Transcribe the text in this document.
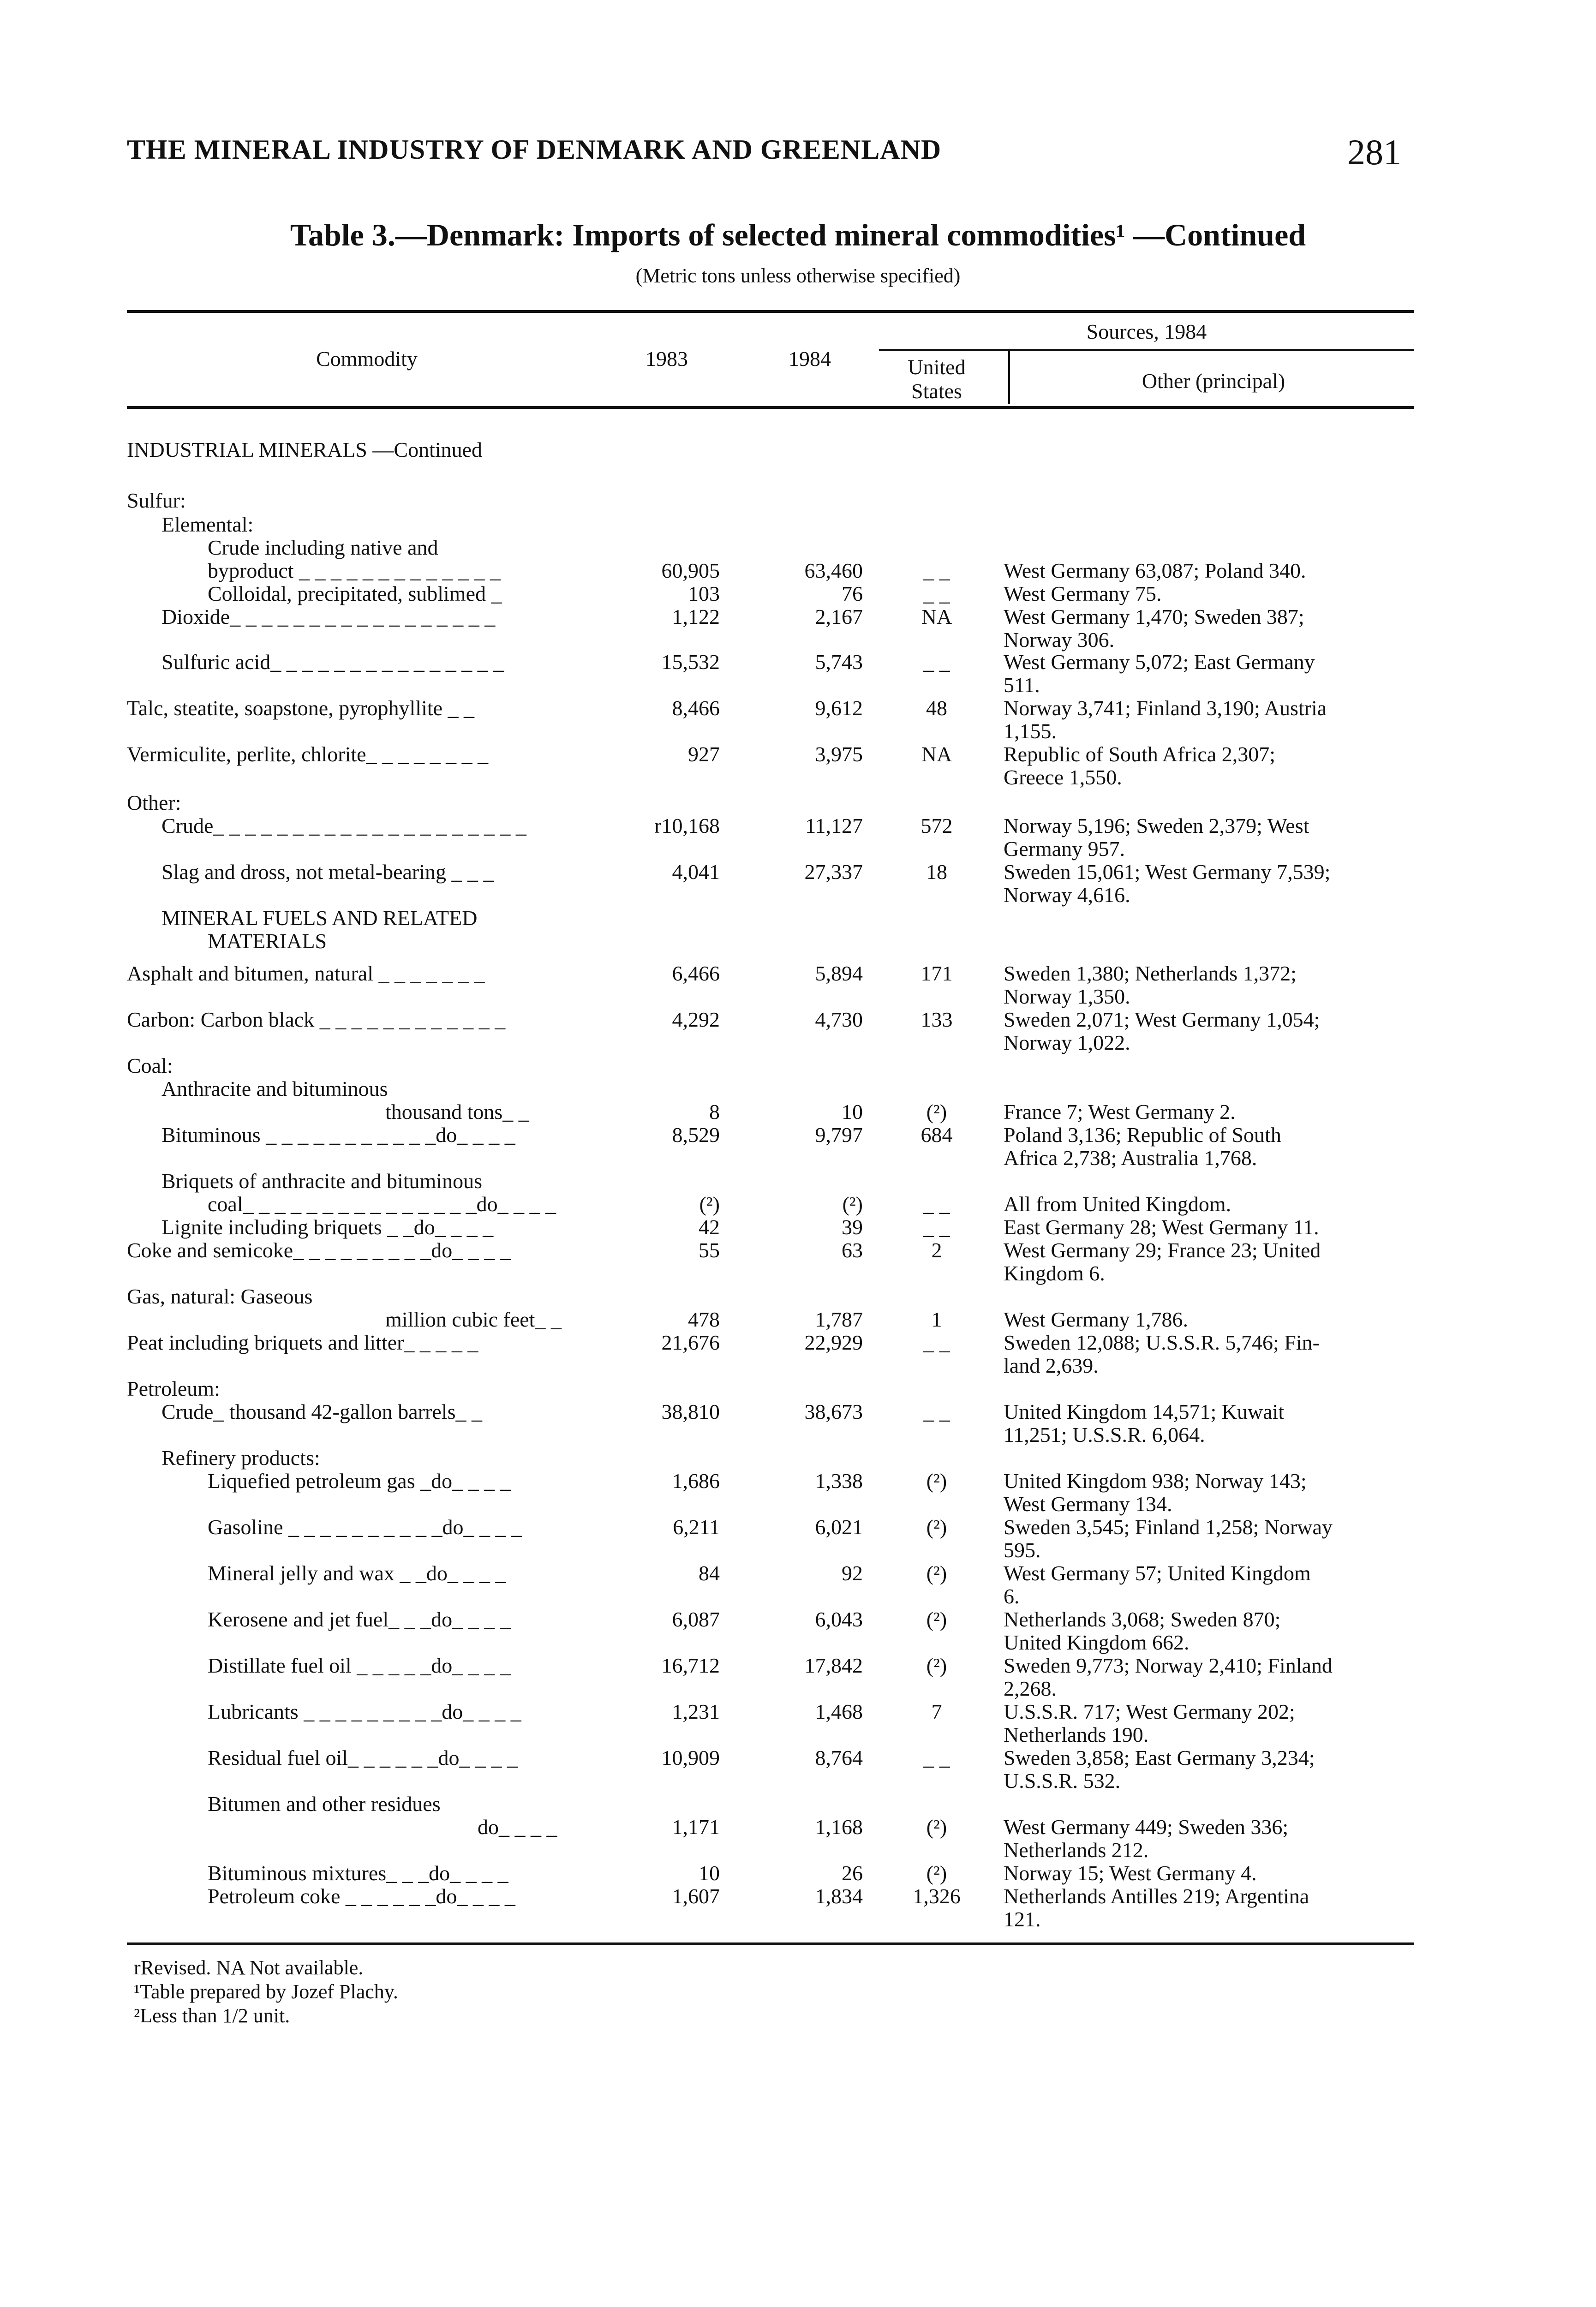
THE MINERAL INDUSTRY OF DENMARK AND GREENLAND	281
Table 3.—Denmark: Imports of selected mineral commodities¹ —Continued
(Metric tons unless otherwise specified)
Commodity	1983	1984
Sources, 1984
United States	Other (principal)
INDUSTRIAL MINERALS —Continued
Sulfur:
Elemental:
Crude including native and
byproduct _ _ _ _ _ _ _ _ _ _ _ _ _	60,905	63,460	_ _	West Germany 63,087; Poland 340.
Colloidal, precipitated, sublimed _	103	76	_ _	West Germany 75.
Dioxide_ _ _ _ _ _ _ _ _ _ _ _ _ _ _ _ _	1,122	2,167	NA	West Germany 1,470; Sweden 387;
Norway 306.
Sulfuric acid_ _ _ _ _ _ _ _ _ _ _ _ _ _ _	15,532	5,743	_ _	West Germany 5,072; East Germany
511.
Talc, steatite, soapstone, pyrophyllite _ _	8,466	9,612	48	Norway 3,741; Finland 3,190; Austria
1,155.
Vermiculite, perlite, chlorite_ _ _ _ _ _ _ _	927	3,975	NA	Republic of South Africa 2,307;
Greece 1,550.
Other:
Crude_ _ _ _ _ _ _ _ _ _ _ _ _ _ _ _ _ _ _ _	r10,168	11,127	572	Norway 5,196; Sweden 2,379; West
Germany 957.
Slag and dross, not metal-bearing _ _ _	4,041	27,337	18	Sweden 15,061; West Germany 7,539;
Norway 4,616.
MINERAL FUELS AND RELATED
MATERIALS
Asphalt and bitumen, natural _ _ _ _ _ _ _	6,466	5,894	171	Sweden 1,380; Netherlands 1,372;
Norway 1,350.
Carbon: Carbon black _ _ _ _ _ _ _ _ _ _ _ _	4,292	4,730	133	Sweden 2,071; West Germany 1,054;
Norway 1,022.
Coal:
Anthracite and bituminous
thousand tons_ _	8	10	(²)	France 7; West Germany 2.
Bituminous _ _ _ _ _ _ _ _ _ _ _do_ _ _ _	8,529	9,797	684	Poland 3,136; Republic of South
Africa 2,738; Australia 1,768.
Briquets of anthracite and bituminous
coal_ _ _ _ _ _ _ _ _ _ _ _ _ _ _do_ _ _ _	(²)	(²)	_ _	All from United Kingdom.
Lignite including briquets _ _do_ _ _ _	42	39	_ _	East Germany 28; West Germany 11.
Coke and semicoke_ _ _ _ _ _ _ _ _do_ _ _ _	55	63	2	West Germany 29; France 23; United
Kingdom 6.
Gas, natural: Gaseous
million cubic feet_ _	478	1,787	1	West Germany 1,786.
Peat including briquets and litter_ _ _ _ _	21,676	22,929	_ _	Sweden 12,088; U.S.S.R. 5,746; Fin-
land 2,639.
Petroleum:
Crude_ thousand 42-gallon barrels_ _	38,810	38,673	_ _	United Kingdom 14,571; Kuwait
11,251; U.S.S.R. 6,064.
Refinery products:
Liquefied petroleum gas _do_ _ _ _	1,686	1,338	(²)	United Kingdom 938; Norway 143;
West Germany 134.
Gasoline _ _ _ _ _ _ _ _ _ _do_ _ _ _	6,211	6,021	(²)	Sweden 3,545; Finland 1,258; Norway
595.
Mineral jelly and wax _ _do_ _ _ _	84	92	(²)	West Germany 57; United Kingdom
6.
Kerosene and jet fuel_ _ _do_ _ _ _	6,087	6,043	(²)	Netherlands 3,068; Sweden 870;
United Kingdom 662.
Distillate fuel oil _ _ _ _ _do_ _ _ _	16,712	17,842	(²)	Sweden 9,773; Norway 2,410; Finland
2,268.
Lubricants _ _ _ _ _ _ _ _ _do_ _ _ _	1,231	1,468	7	U.S.S.R. 717; West Germany 202;
Netherlands 190.
Residual fuel oil_ _ _ _ _ _do_ _ _ _	10,909	8,764	_ _	Sweden 3,858; East Germany 3,234;
U.S.S.R. 532.
Bitumen and other residues
do_ _ _ _	1,171	1,168	(²)	West Germany 449; Sweden 336;
Netherlands 212.
Bituminous mixtures_ _ _do_ _ _ _	10	26	(²)	Norway 15; West Germany 4.
Petroleum coke _ _ _ _ _ _do_ _ _ _	1,607	1,834	1,326	Netherlands Antilles 219; Argentina
121.
rRevised. NA Not available.
¹Table prepared by Jozef Plachy.
²Less than 1/2 unit.
